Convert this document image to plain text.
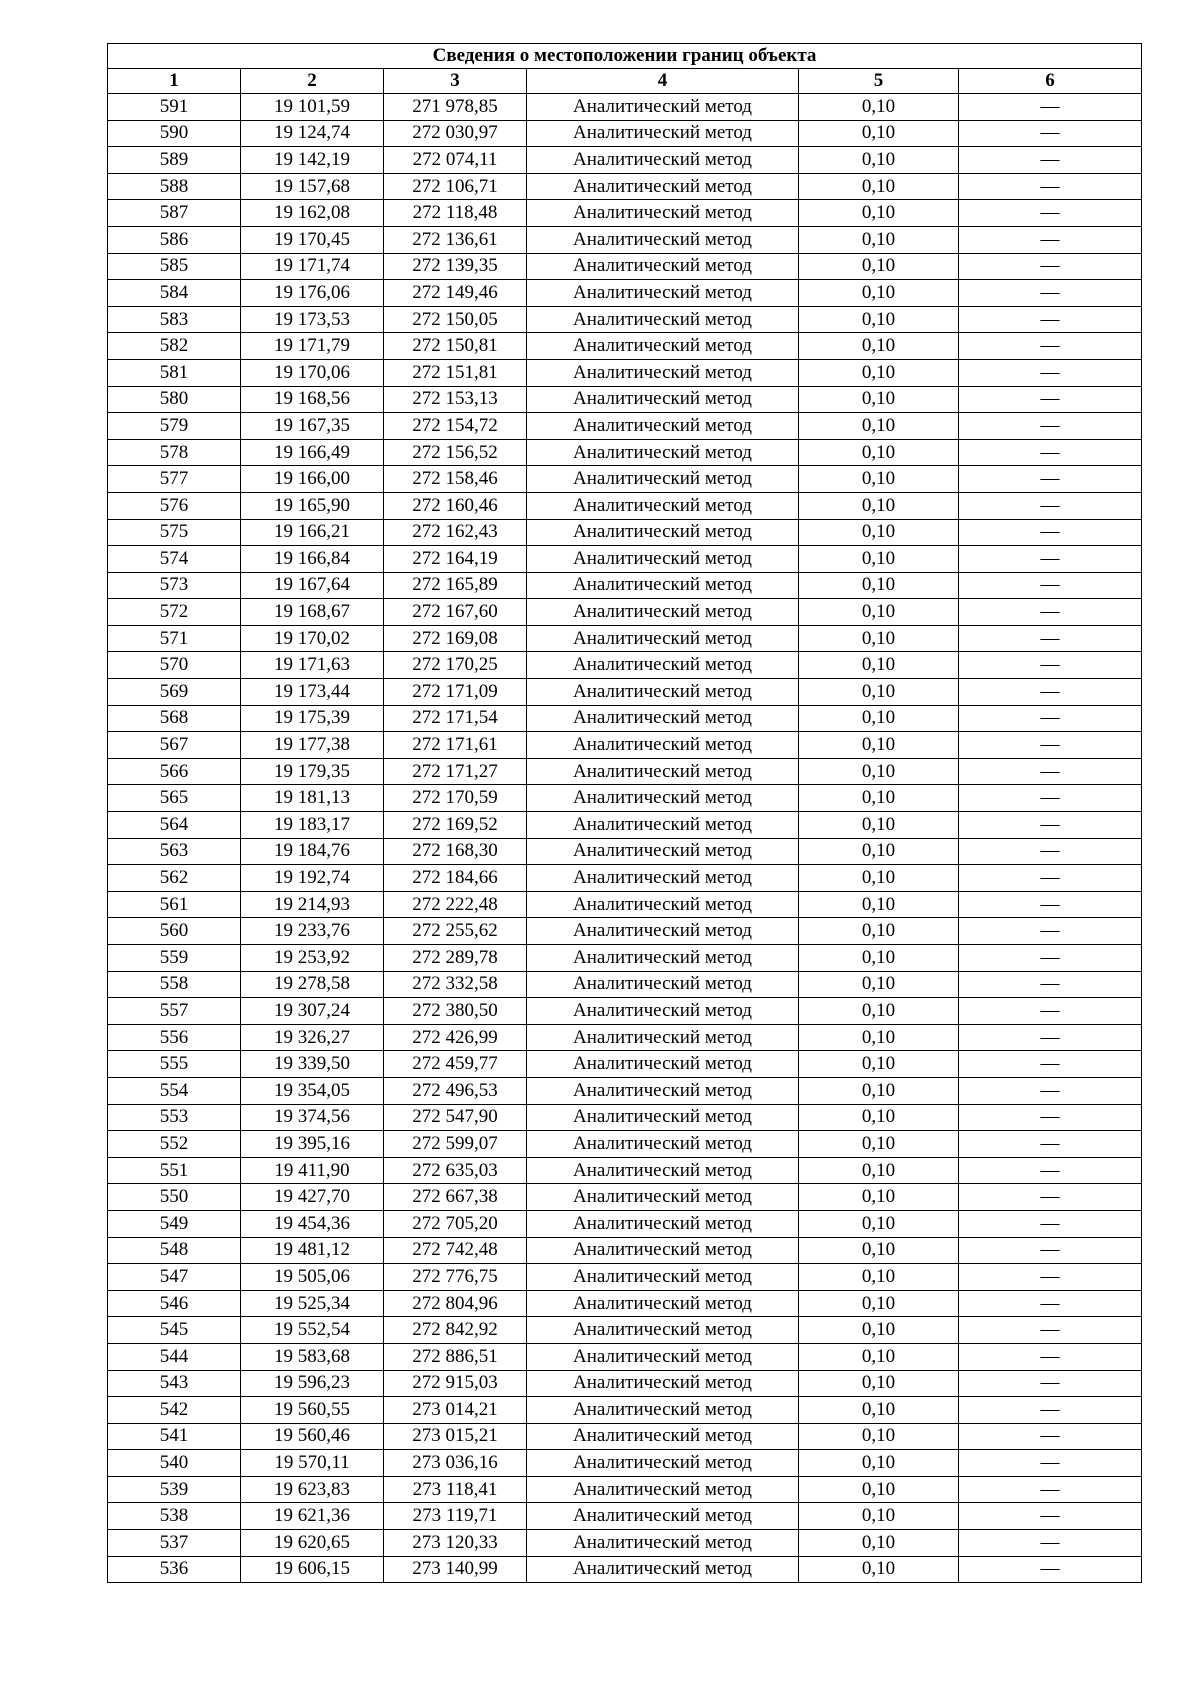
Сведения о местоположении границ объекта					
1	2	3	4	5	6
591	19 101,59	271 978,85	Аналитический метод	0,10	—
590	19 124,74	272 030,97	Аналитический метод	0,10	—
589	19 142,19	272 074,11	Аналитический метод	0,10	—
588	19 157,68	272 106,71	Аналитический метод	0,10	—
587	19 162,08	272 118,48	Аналитический метод	0,10	—
586	19 170,45	272 136,61	Аналитический метод	0,10	—
585	19 171,74	272 139,35	Аналитический метод	0,10	—
584	19 176,06	272 149,46	Аналитический метод	0,10	—
583	19 173,53	272 150,05	Аналитический метод	0,10	—
582	19 171,79	272 150,81	Аналитический метод	0,10	—
581	19 170,06	272 151,81	Аналитический метод	0,10	—
580	19 168,56	272 153,13	Аналитический метод	0,10	—
579	19 167,35	272 154,72	Аналитический метод	0,10	—
578	19 166,49	272 156,52	Аналитический метод	0,10	—
577	19 166,00	272 158,46	Аналитический метод	0,10	—
576	19 165,90	272 160,46	Аналитический метод	0,10	—
575	19 166,21	272 162,43	Аналитический метод	0,10	—
574	19 166,84	272 164,19	Аналитический метод	0,10	—
573	19 167,64	272 165,89	Аналитический метод	0,10	—
572	19 168,67	272 167,60	Аналитический метод	0,10	—
571	19 170,02	272 169,08	Аналитический метод	0,10	—
570	19 171,63	272 170,25	Аналитический метод	0,10	—
569	19 173,44	272 171,09	Аналитический метод	0,10	—
568	19 175,39	272 171,54	Аналитический метод	0,10	—
567	19 177,38	272 171,61	Аналитический метод	0,10	—
566	19 179,35	272 171,27	Аналитический метод	0,10	—
565	19 181,13	272 170,59	Аналитический метод	0,10	—
564	19 183,17	272 169,52	Аналитический метод	0,10	—
563	19 184,76	272 168,30	Аналитический метод	0,10	—
562	19 192,74	272 184,66	Аналитический метод	0,10	—
561	19 214,93	272 222,48	Аналитический метод	0,10	—
560	19 233,76	272 255,62	Аналитический метод	0,10	—
559	19 253,92	272 289,78	Аналитический метод	0,10	—
558	19 278,58	272 332,58	Аналитический метод	0,10	—
557	19 307,24	272 380,50	Аналитический метод	0,10	—
556	19 326,27	272 426,99	Аналитический метод	0,10	—
555	19 339,50	272 459,77	Аналитический метод	0,10	—
554	19 354,05	272 496,53	Аналитический метод	0,10	—
553	19 374,56	272 547,90	Аналитический метод	0,10	—
552	19 395,16	272 599,07	Аналитический метод	0,10	—
551	19 411,90	272 635,03	Аналитический метод	0,10	—
550	19 427,70	272 667,38	Аналитический метод	0,10	—
549	19 454,36	272 705,20	Аналитический метод	0,10	—
548	19 481,12	272 742,48	Аналитический метод	0,10	—
547	19 505,06	272 776,75	Аналитический метод	0,10	—
546	19 525,34	272 804,96	Аналитический метод	0,10	—
545	19 552,54	272 842,92	Аналитический метод	0,10	—
544	19 583,68	272 886,51	Аналитический метод	0,10	—
543	19 596,23	272 915,03	Аналитический метод	0,10	—
542	19 560,55	273 014,21	Аналитический метод	0,10	—
541	19 560,46	273 015,21	Аналитический метод	0,10	—
540	19 570,11	273 036,16	Аналитический метод	0,10	—
539	19 623,83	273 118,41	Аналитический метод	0,10	—
538	19 621,36	273 119,71	Аналитический метод	0,10	—
537	19 620,65	273 120,33	Аналитический метод	0,10	—
536	19 606,15	273 140,99	Аналитический метод	0,10	—
